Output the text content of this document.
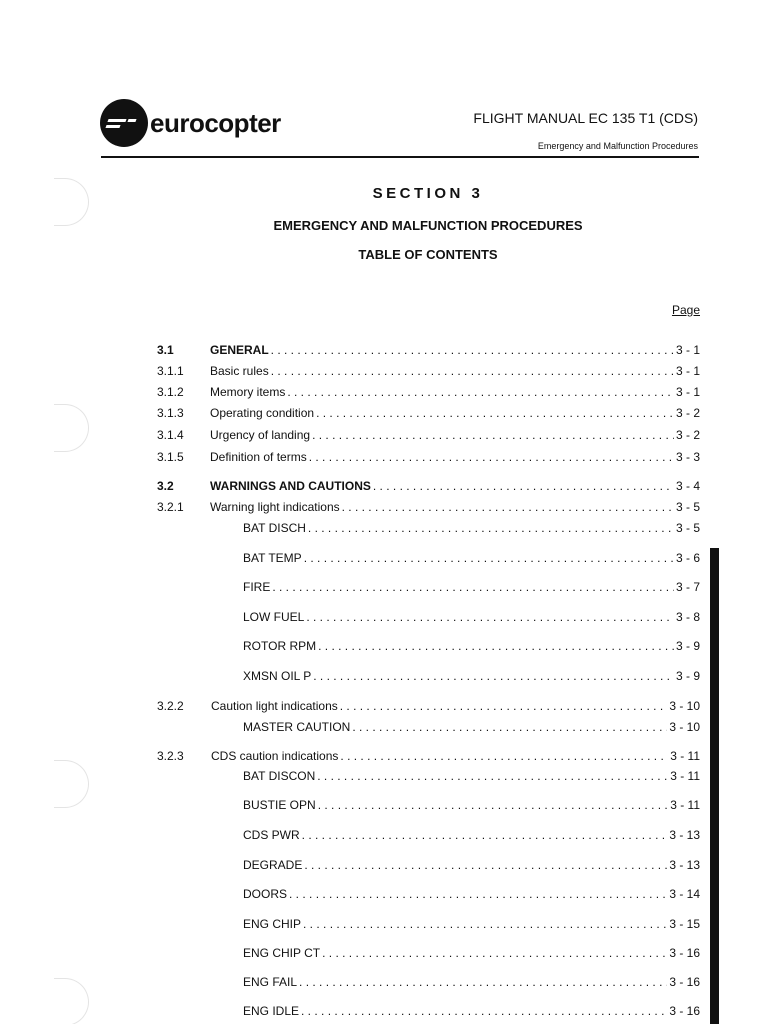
eurocopter	FLIGHT MANUAL EC 135 T1 (CDS)
Emergency and Malfunction Procedures
SECTION 3
EMERGENCY AND MALFUNCTION PROCEDURES
TABLE OF CONTENTS
Page
3.1	GENERAL . . .	3 - 1
3.1.1 Basic rules . . .	3 - 1
3.1.2 Memory items . . .	3 - 1
3.1.3 Operating condition . . .	3 - 2
3.1.4 Urgency of landing . . .	3 - 2
3.1.5 Definition of terms . . .	3 - 3
3.2	WARNINGS AND CAUTIONS . . .	3 - 4
3.2.1 Warning light indications . . .	3 - 5
BAT DISCH . . .	3 - 5
BAT TEMP . . .	3 - 6
FIRE . . .	3 - 7
LOW FUEL . . .	3 - 8
ROTOR RPM . . .	3 - 9
XMSN OIL P . . .	3 - 9
3.2.2 Caution light indications . . .	3 - 10
MASTER CAUTION . . .	3 - 10
3.2.3 CDS caution indications . . .	3 - 11
BAT DISCON . . .	3 - 11
BUSTIE OPN . . .	3 - 11
CDS PWR . . .	3 - 13
DEGRADE . . .	3 - 13
DOORS . . .	3 - 14
ENG CHIP . . .	3 - 15
ENG CHIP CT . . .	3 - 16
ENG FAIL . . .	3 - 16
ENG IDLE . . .	3 - 16
